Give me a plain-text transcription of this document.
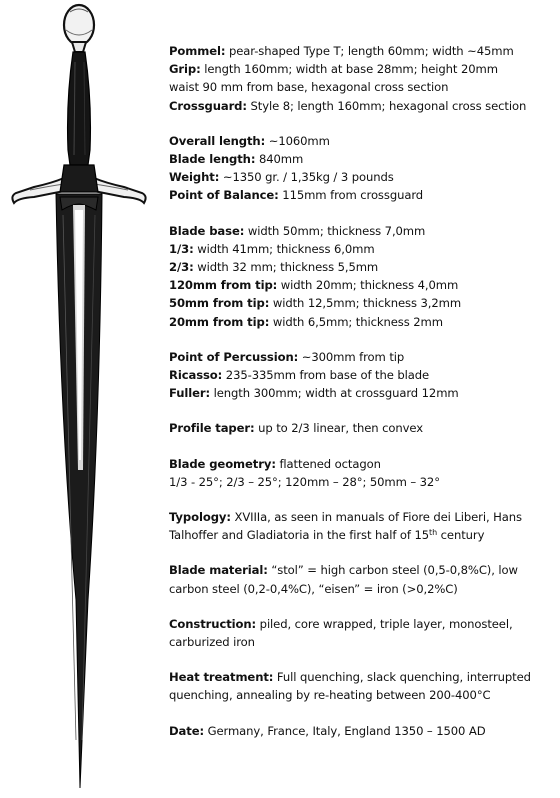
Pommel: pear-shaped Type T; length 60mm; width ~45mm
Grip: length 160mm; width at base 28mm; height 20mm
waist 90 mm from base, hexagonal cross section
Crossguard: Style 8; length 160mm; hexagonal cross section
Overall length: ~1060mm
Blade length: 840mm
Weight: ~1350 gr. / 1,35kg / 3 pounds
Point of Balance: 115mm from crossguard
Blade base: width 50mm; thickness 7,0mm
1/3: width 41mm; thickness 6,0mm
2/3: width 32 mm; thickness 5,5mm
120mm from tip: width 20mm; thickness 4,0mm
50mm from tip: width 12,5mm; thickness 3,2mm
20mm from tip: width 6,5mm; thickness 2mm
Point of Percussion: ~300mm from tip
Ricasso: 235-335mm from base of the blade
Fuller: length 300mm; width at crossguard 12mm
Profile taper: up to 2/3 linear, then convex
Blade geometry: flattened octagon
1/3 - 25°; 2/3 – 25°; 120mm – 28°; 50mm – 32°
Typology: XVIIIa, as seen in manuals of Fiore dei Liberi, Hans
Talhoffer and Gladiatoria in the first half of 15th century
Blade material: “stol” = high carbon steel (0,5-0,8%C), low
carbon steel (0,2-0,4%C), “eisen” = iron (>0,2%C)
Construction: piled, core wrapped, triple layer, monosteel,
carburized iron
Heat treatment: Full quenching, slack quenching, interrupted
quenching, annealing by re-heating between 200-400°C
Date: Germany, France, Italy, England 1350 – 1500 AD
